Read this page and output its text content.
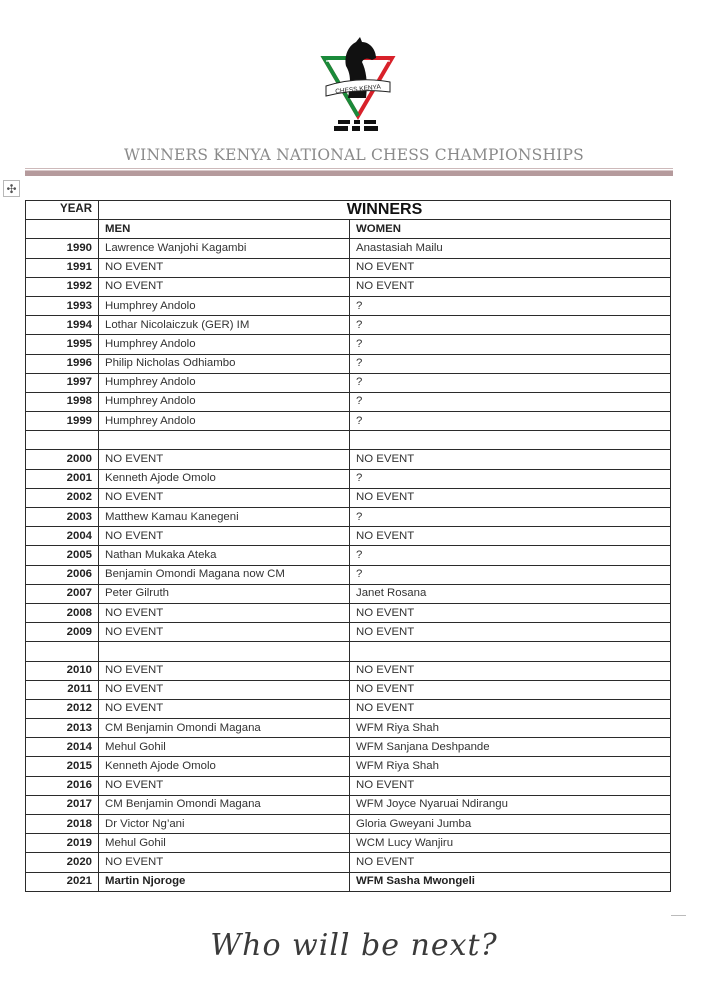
CHESS KENYA
WINNERS KENYA NATIONAL CHESS CHAMPIONSHIPS
✣
YEAR	WINNERS	
	MEN	WOMEN
1990	Lawrence Wanjohi Kagambi	Anastasiah Mailu
1991	NO EVENT	NO EVENT
1992	NO EVENT	NO EVENT
1993	Humphrey Andolo	?
1994	Lothar Nicolaiczuk (GER) IM	?
1995	Humphrey Andolo	?
1996	Philip Nicholas Odhiambo	?
1997	Humphrey Andolo	?
1998	Humphrey Andolo	?
1999	Humphrey Andolo	?

2000	NO EVENT	NO EVENT
2001	Kenneth Ajode Omolo	?
2002	NO EVENT	NO EVENT
2003	Matthew Kamau Kanegeni	?
2004	NO EVENT	NO EVENT
2005	Nathan Mukaka Ateka	?
2006	Benjamin Omondi Magana now CM	?
2007	Peter Gilruth	Janet Rosana
2008	NO EVENT	NO EVENT
2009	NO EVENT	NO EVENT

2010	NO EVENT	NO EVENT
2011	NO EVENT	NO EVENT
2012	NO EVENT	NO EVENT
2013	CM Benjamin Omondi Magana	WFM Riya Shah
2014	Mehul Gohil	WFM Sanjana Deshpande
2015	Kenneth Ajode Omolo	WFM Riya Shah
2016	NO EVENT	NO EVENT
2017	CM Benjamin Omondi Magana	WFM Joyce Nyaruai Ndirangu
2018	Dr Victor Ng’ani	Gloria Gweyani Jumba
2019	Mehul Gohil	WCM Lucy Wanjiru
2020	NO EVENT	NO EVENT
2021	Martin Njoroge	WFM Sasha Mwongeli
Who will be next?
